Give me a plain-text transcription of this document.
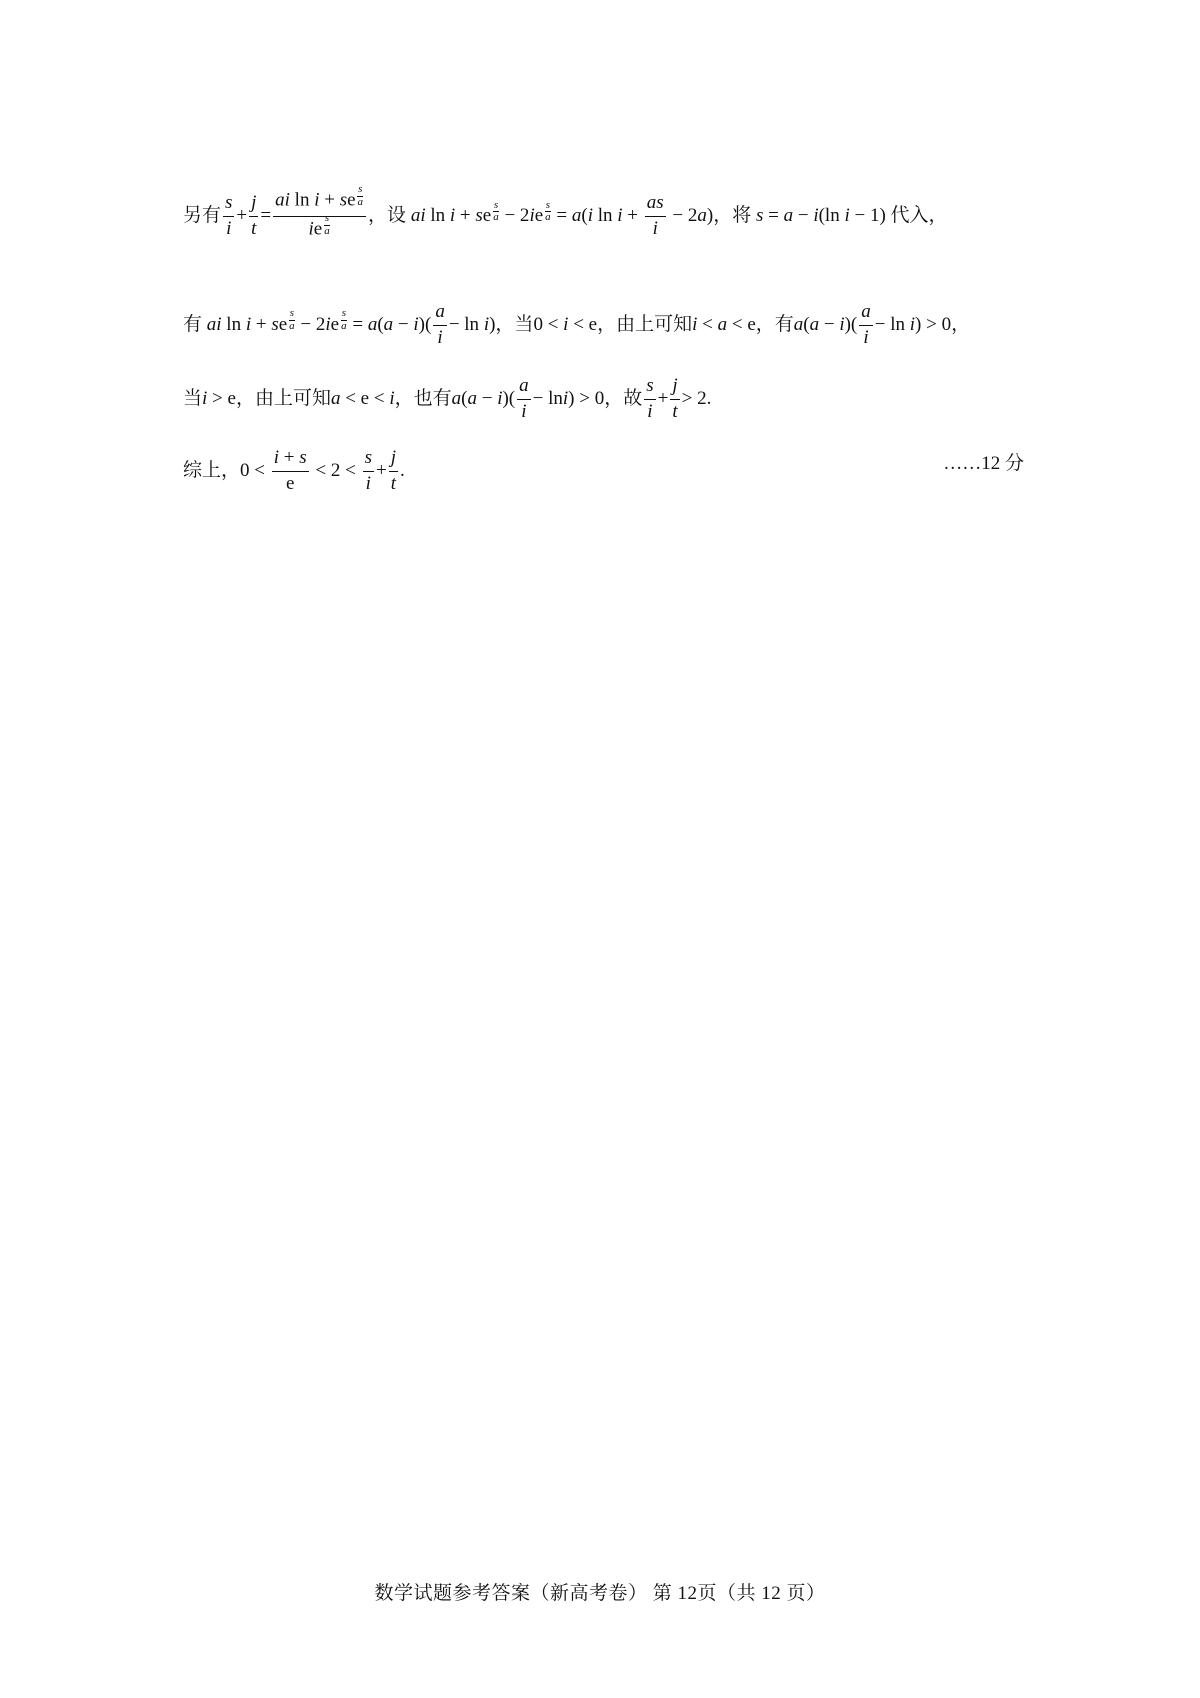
另有 $\frac{s}{i} + \frac{j}{t} = \frac{ai \ln i + se \frac{s}{a}}{ie \frac{s}{a}}$ ，设 ai ln i + se $\frac{s}{a} - 2ie \frac{s}{a} = a(i$ $\ln i + \frac{as}{i} - 2a$)，将 s = a − i(ln i − 1) 代入，
有 ai ln i + se $\frac{s}{a} - 2ie \frac{s}{a} = a(a - i)( \frac{a}{i} - \ln i)$，当0 < i < e，由上可知i < a < e，有$a(a - i)( \frac{a}{i} - \ln i) > 0$，
当i > e，由上可知a < e < i，也有$a(a - i)( \frac{a}{i} - \ln i) > 0$，故 $\frac{s}{i} + \frac{j}{t} > 2$.
综上，$0 < \frac{i + s}{e} < 2 < \frac{s}{i} + \frac{j}{t}$ .	……12 分
数学试题参考答案（新高考卷） 第 12页（共 12 页）
